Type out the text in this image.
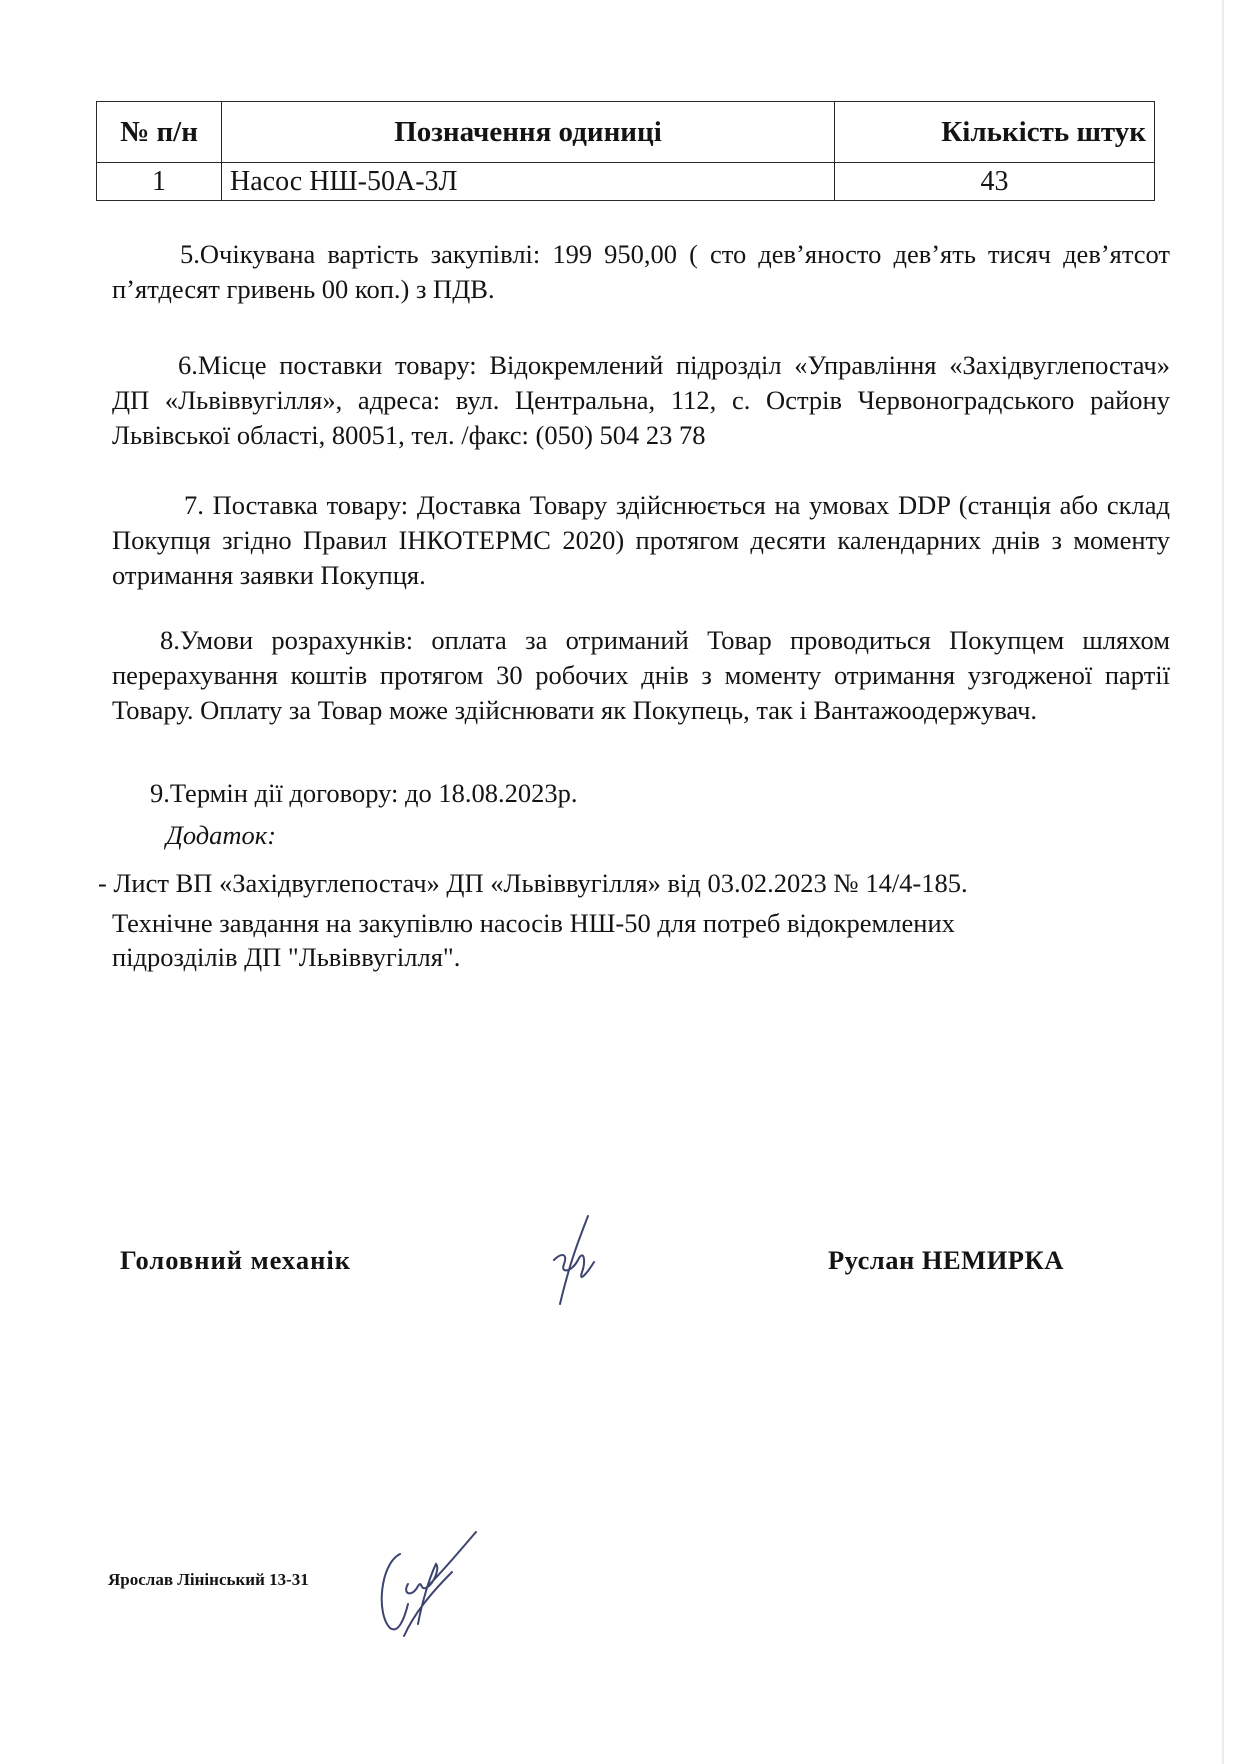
№ п/н	Позначення одиниці	Кількість штук
1	Насос НШ-50А-3Л	43
5.Очікувана вартість закупівлі: 199 950,00 ( сто дев’яносто дев’ять тисяч дев’ятсот п’ятдесят гривень 00 коп.) з ПДВ.
6.Місце поставки товару: Відокремлений підрозділ «Управління «Західвуглепостач» ДП «Львіввугілля», адреса: вул. Центральна, 112, с. Острів Червоноградського району Львівської області, 80051, тел. /факс: (050) 504 23 78
7. Поставка товару: Доставка Товару здійснюється на умовах DDP (станція або склад Покупця згідно Правил ІНКОТЕРМС 2020) протягом десяти календарних днів з моменту отримання заявки Покупця.
8.Умови розрахунків: оплата за отриманий Товар проводиться Покупцем шляхом перерахування коштів протягом 30 робочих днів з моменту отримання узгодженої партії Товару. Оплату за Товар може здійснювати як Покупець, так і Вантажоодержувач.
9.Термін дії договору: до 18.08.2023р.
Додаток:
- Лист ВП «Західвуглепостач» ДП «Львіввугілля» від 03.02.2023 № 14/4-185.
Технічне завдання на закупівлю насосів НШ-50 для потреб відокремлених
підрозділів ДП "Львіввугілля".
Головний механік	Руслан НЕМИРКА
Ярослав Лінінський 13-31
